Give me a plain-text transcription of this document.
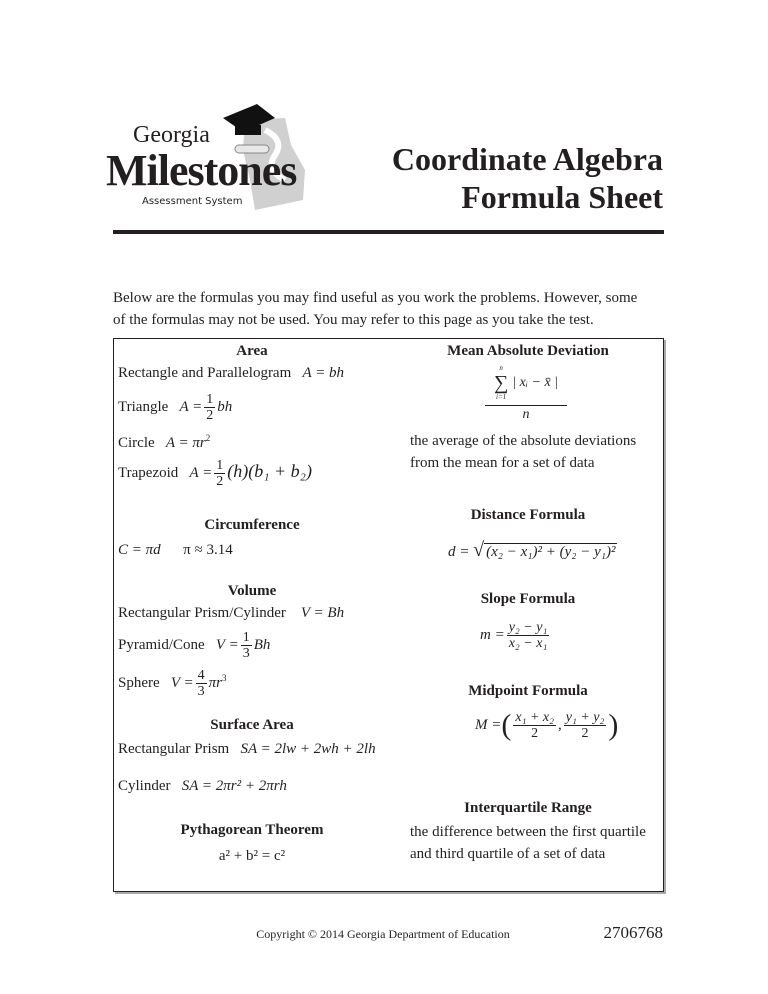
Georgia
Milestones
Assessment System
Coordinate Algebra
Formula Sheet
Below are the formulas you may find useful as you work the problems. However, some
of the formulas may not be used. You may refer to this page as you take the test.
Area
Rectangle and Parallelogram A = bh
Triangle $A = \frac{1}{2}$ bh
Circle $A = \pi r^2$
Trapezoid $A = \frac{1}{2} (h)(b_1 + b_2)$
Circumference
C = πd π ≈ 3.14
Volume
Rectangular Prism/Cylinder V = Bh
Pyramid/Cone $V = \frac{1}{3}$ Bh
Sphere $V = \frac{4}{3} \pi r^3$
Surface Area
Rectangular Prism SA = 2lw + 2wh + 2lh
Cylinder SA = 2πr² + 2πrh
Pythagorean Theorem
a² + b² = c²
Mean Absolute Deviation
n
∑
i=1
| xᵢ − x̄ |
n
the average of the absolute deviations
from the mean for a set of data
Distance Formula
d = √ (x₂ − x₁)² + (y₂ − y₁)²
Slope Formula
$m = \frac{\text{y₂ − y₁}}{\text{x₂ − x₁}}$
Midpoint Formula
M =( $\frac{\text{x₁ + x₂}}{2}$ , $\frac{\text{y₁ + y₂}}{2}$ )
Interquartile Range
the difference between the first quartile
and third quartile of a set of data
Copyright © 2014 Georgia Department of Education	2706768
